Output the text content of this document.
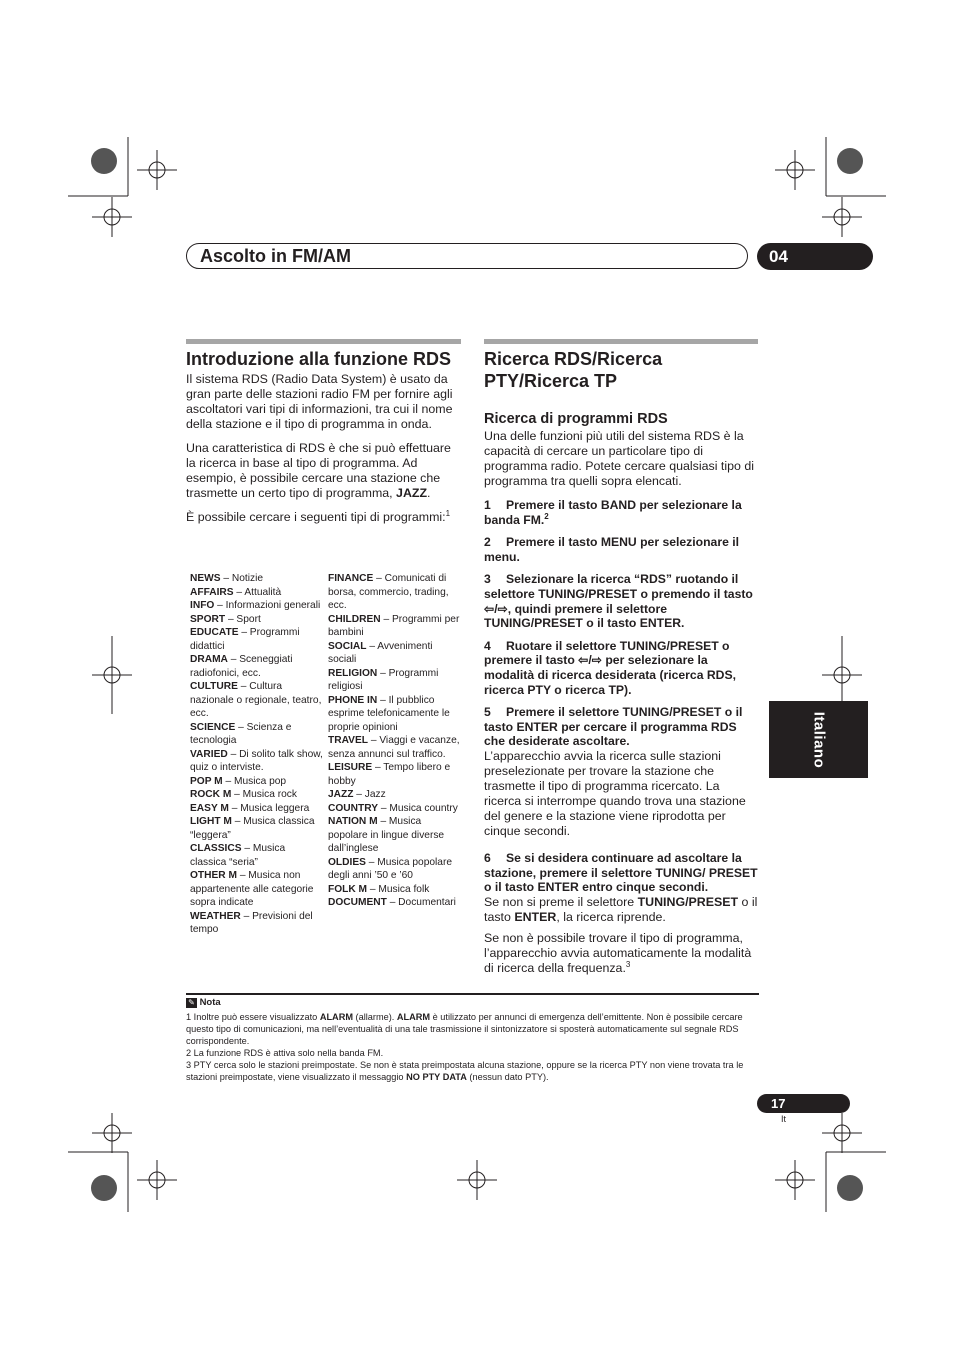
Ascolto in FM/AM	04
Introduzione alla funzione RDS

Il sistema RDS (Radio Data System) è usato da gran parte delle stazioni radio FM per fornire agli ascoltatori vari tipi di informazioni, tra cui il nome della stazione e il tipo di programma in onda.

Una caratteristica di RDS è che si può effettuare la ricerca in base al tipo di programma. Ad esempio, è possibile cercare una stazione che trasmette un certo tipo di programma, JAZZ.

È possibile cercare i seguenti tipi di programmi:$^1$

NEWS – Notizie
AFFAIRS – Attualità
INFO – Informazioni generali
SPORT – Sport
EDUCATE – Programmi didattici
DRAMA – Sceneggiati radiofonici, ecc.
CULTURE – Cultura nazionale o regionale, teatro, ecc.
SCIENCE – Scienza e tecnologia
VARIED – Di solito talk show, quiz o interviste.
POP M – Musica pop
ROCK M – Musica rock
EASY M – Musica leggera
LIGHT M – Musica classica “leggera”
CLASSICS – Musica classica “seria”
OTHER M – Musica non appartenente alle categorie sopra indicate
WEATHER – Previsioni del tempo
FINANCE – Comunicati di borsa, commercio, trading, ecc.
CHILDREN – Programmi per bambini
SOCIAL – Avvenimenti sociali
RELIGION – Programmi religiosi
PHONE IN – Il pubblico esprime telefonicamente le proprie opinioni
TRAVEL – Viaggi e vacanze, senza annunci sul traffico.
LEISURE – Tempo libero e hobby
JAZZ – Jazz
COUNTRY – Musica country
NATION M – Musica popolare in lingue diverse dall’inglese
OLDIES – Musica popolare degli anni ’50 e ’60
FOLK M – Musica folk
DOCUMENT – Documentari
Ricerca RDS/Ricerca PTY/Ricerca TP
Ricerca di programmi RDS

Una delle funzioni più utili del sistema RDS è la capacità di cercare un particolare tipo di programma radio. Potete cercare qualsiasi tipo di programma tra quelli sopra elencati.

1 Premere il tasto BAND per selezionare la banda FM.$^2$
2 Premere il tasto MENU per selezionare il menu.
3 Selezionare la ricerca “RDS” ruotando il selettore TUNING/PRESET o premendo il tasto ⇦/⇨, quindi premere il selettore TUNING/PRESET o il tasto ENTER.
4 Ruotare il selettore TUNING/PRESET o premere il tasto ⇦/⇨ per selezionare la modalità di ricerca desiderata (ricerca RDS, ricerca PTY o ricerca TP).
5 Premere il selettore TUNING/PRESET o il tasto ENTER per cercare il programma RDS che desiderate ascoltare.
L’apparecchio avvia la ricerca sulle stazioni preselezionate per trovare la stazione che trasmette il tipo di programma ricercato. La ricerca si interrompe quando trova una stazione del genere e la stazione viene riprodotta per cinque secondi.
6 Se si desidera continuare ad ascoltare la stazione, premere il selettore TUNING/ PRESET o il tasto ENTER entro cinque secondi.
Se non si preme il selettore TUNING/PRESET o il tasto ENTER, la ricerca riprende.

Se non è possibile trovare il tipo di programma, l’apparecchio avvia automaticamente la modalità di ricerca della frequenza.$^3$

Italiano
✎ Nota
1 Inoltre può essere visualizzato ALARM (allarme). ALARM è utilizzato per annunci di emergenza dell’emittente. Non è possibile cercare questo tipo di comunicazioni, ma nell’eventualità di una tale trasmissione il sintonizzatore si sposterà automaticamente sul segnale RDS corrispondente.
2 La funzione RDS è attiva solo nella banda FM.
3 PTY cerca solo le stazioni preimpostate. Se non è stata preimpostata alcuna stazione, oppure se la ricerca PTY non viene trovata tra le stazioni preimpostate, viene visualizzato il messaggio NO PTY DATA (nessun dato PTY).
17
It
